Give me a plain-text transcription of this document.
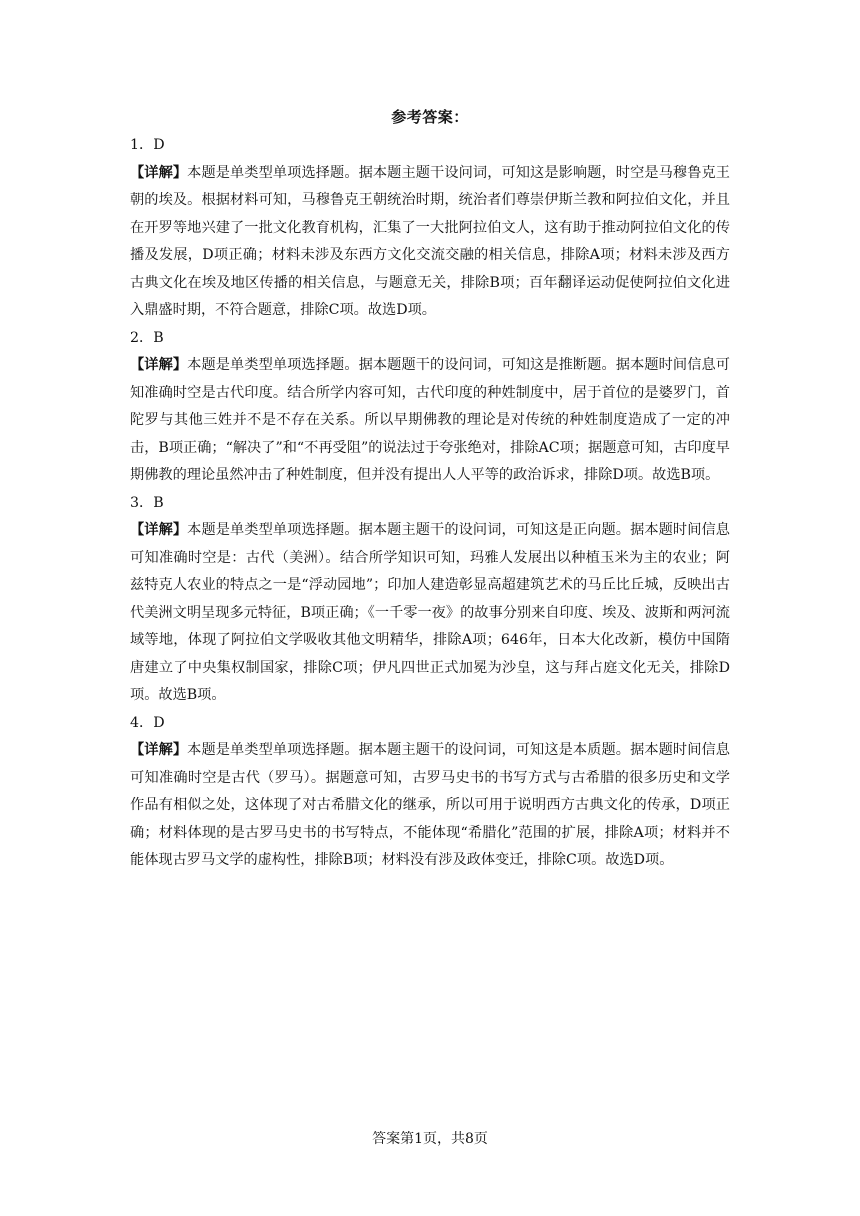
参考答案：

1．D

【详解】本题是单类型单项选择题。据本题主题干设问词，可知这是影响题，时空是马穆鲁克王朝的埃及。根据材料可知，马穆鲁克王朝统治时期，统治者们尊崇伊斯兰教和阿拉伯文化，并且在开罗等地兴建了一批文化教育机构，汇集了一大批阿拉伯文人，这有助于推动阿拉伯文化的传播及发展，D项正确；材料未涉及东西方文化交流交融的相关信息，排除A项；材料未涉及西方古典文化在埃及地区传播的相关信息，与题意无关，排除B项；百年翻译运动促使阿拉伯文化进入鼎盛时期，不符合题意，排除C项。故选D项。

2．B

【详解】本题是单类型单项选择题。据本题题干的设问词，可知这是推断题。据本题时间信息可知准确时空是古代印度。结合所学内容可知，古代印度的种姓制度中，居于首位的是婆罗门，首陀罗与其他三姓并不是不存在关系。所以早期佛教的理论是对传统的种姓制度造成了一定的冲击，B项正确；“解决了”和“不再受阻”的说法过于夸张绝对，排除AC项；据题意可知，古印度早期佛教的理论虽然冲击了种姓制度，但并没有提出人人平等的政治诉求，排除D项。故选B项。

3．B

【详解】本题是单类型单项选择题。据本题主题干的设问词，可知这是正向题。据本题时间信息可知准确时空是：古代（美洲）。结合所学知识可知，玛雅人发展出以种植玉米为主的农业；阿兹特克人农业的特点之一是“浮动园地”；印加人建造彰显高超建筑艺术的马丘比丘城，反映出古代美洲文明呈现多元特征，B项正确；《一千零一夜》的故事分别来自印度、埃及、波斯和两河流域等地，体现了阿拉伯文学吸收其他文明精华，排除A项；646年，日本大化改新，模仿中国隋唐建立了中央集权制国家，排除C项；伊凡四世正式加冕为沙皇，这与拜占庭文化无关，排除D项。故选B项。

4．D

【详解】本题是单类型单项选择题。据本题主题干的设问词，可知这是本质题。据本题时间信息可知准确时空是古代（罗马）。据题意可知，古罗马史书的书写方式与古希腊的很多历史和文学作品有相似之处，这体现了对古希腊文化的继承，所以可用于说明西方古典文化的传承，D项正确；材料体现的是古罗马史书的书写特点，不能体现“希腊化”范围的扩展，排除A项；材料并不能体现古罗马文学的虚构性，排除B项；材料没有涉及政体变迁，排除C项。故选D项。

答案第1页，共8页
